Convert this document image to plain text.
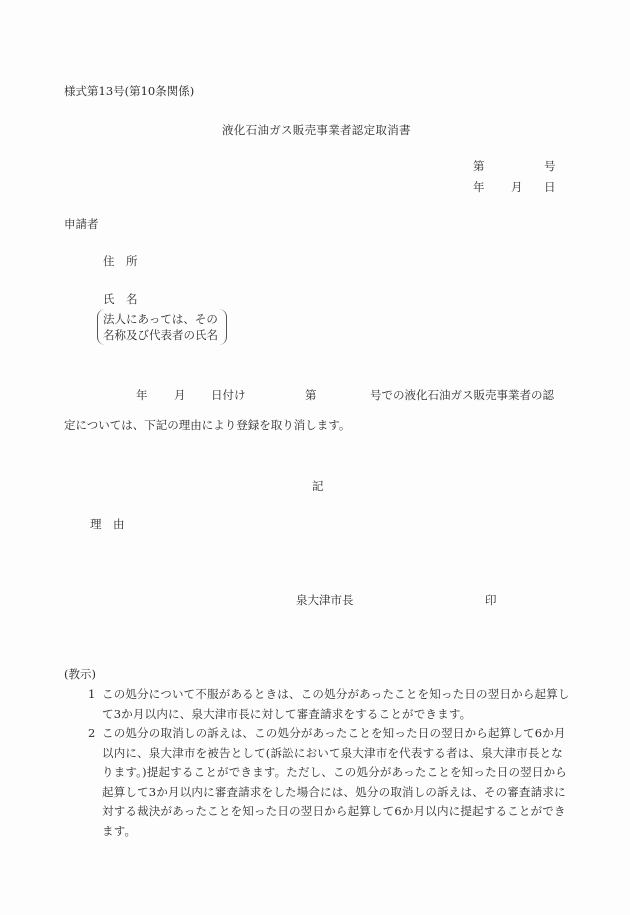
様式第13号(第10条関係)
液化石油ガス販売事業者認定取消書
第	号
年 月 日
申請者
住　所
氏　名
法人にあっては、その
名称及び代表者の氏名
年 月 日付け	第	号での液化石油ガス販売事業者の認
定については、下記の理由により登録を取り消します。
記
理　由
泉大津市長	印
(教示)
1 この処分について不服があるときは、この処分があったことを知った日の翌日から起算して3か月以内に、泉大津市長に対して審査請求をすることができます。
2 この処分の取消しの訴えは、この処分があったことを知った日の翌日から起算して6か月以内に、泉大津市を被告として(訴訟において泉大津市を代表する者は、泉大津市長となります。)提起することができます。ただし、この処分があったことを知った日の翌日から起算して3か月以内に審査請求をした場合には、処分の取消しの訴えは、その審査請求に対する裁決があったことを知った日の翌日から起算して6か月以内に提起することができます。
